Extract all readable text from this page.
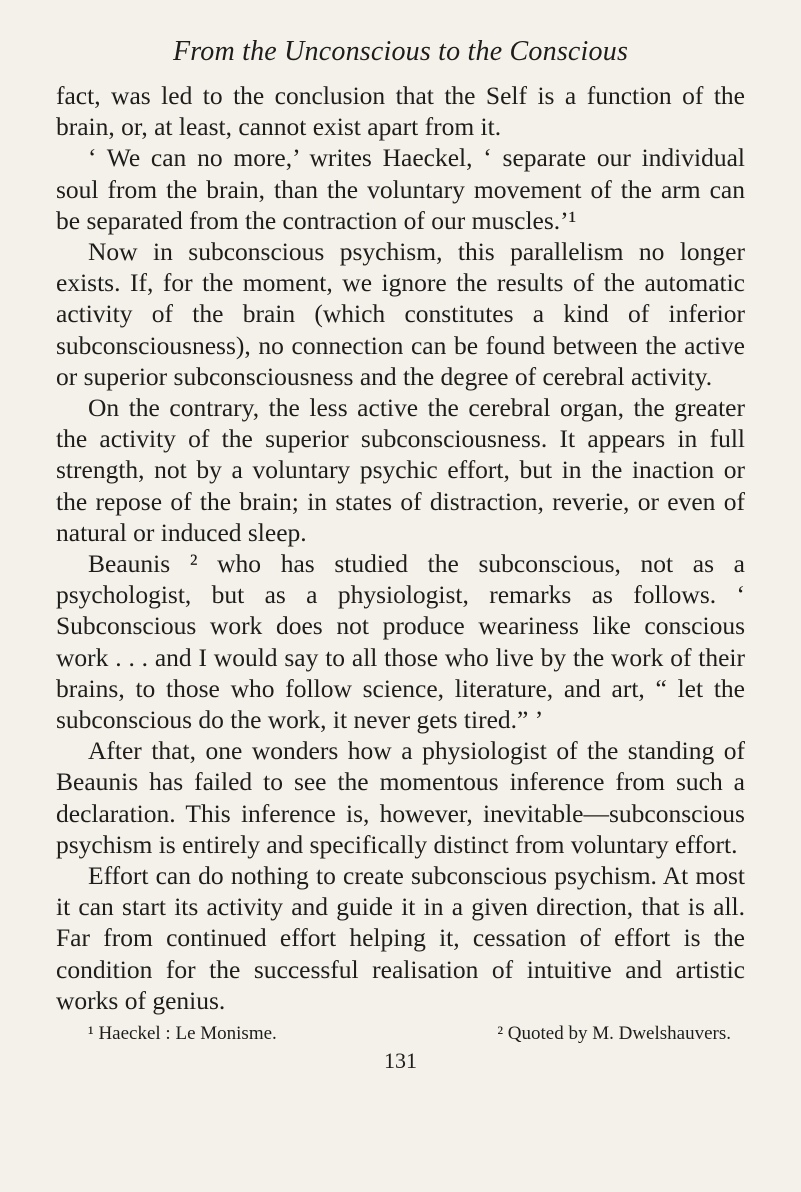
From the Unconscious to the Conscious

fact, was led to the conclusion that the Self is a function of the brain, or, at least, cannot exist apart from it.

‘ We can no more,’ writes Haeckel, ‘ separate our individual soul from the brain, than the voluntary movement of the arm can be separated from the contraction of our muscles.’¹

Now in subconscious psychism, this parallelism no longer exists. If, for the moment, we ignore the results of the automatic activity of the brain (which constitutes a kind of inferior subconsciousness), no connection can be found between the active or superior subconsciousness and the degree of cerebral activity.

On the contrary, the less active the cerebral organ, the greater the activity of the superior subconsciousness. It appears in full strength, not by a voluntary psychic effort, but in the inaction or the repose of the brain; in states of distraction, reverie, or even of natural or induced sleep.

Beaunis ² who has studied the subconscious, not as a psychologist, but as a physiologist, remarks as follows. ‘ Subconscious work does not produce weariness like conscious work . . . and I would say to all those who live by the work of their brains, to those who follow science, literature, and art, “ let the subconscious do the work, it never gets tired.” ’

After that, one wonders how a physiologist of the standing of Beaunis has failed to see the momentous inference from such a declaration. This inference is, however, inevitable—subconscious psychism is entirely and specifically distinct from voluntary effort.

Effort can do nothing to create subconscious psychism. At most it can start its activity and guide it in a given direction, that is all. Far from continued effort helping it, cessation of effort is the condition for the successful realisation of intuitive and artistic works of genius.

¹ Haeckel : Le Monisme.	² Quoted by M. Dwelshauvers.
131
